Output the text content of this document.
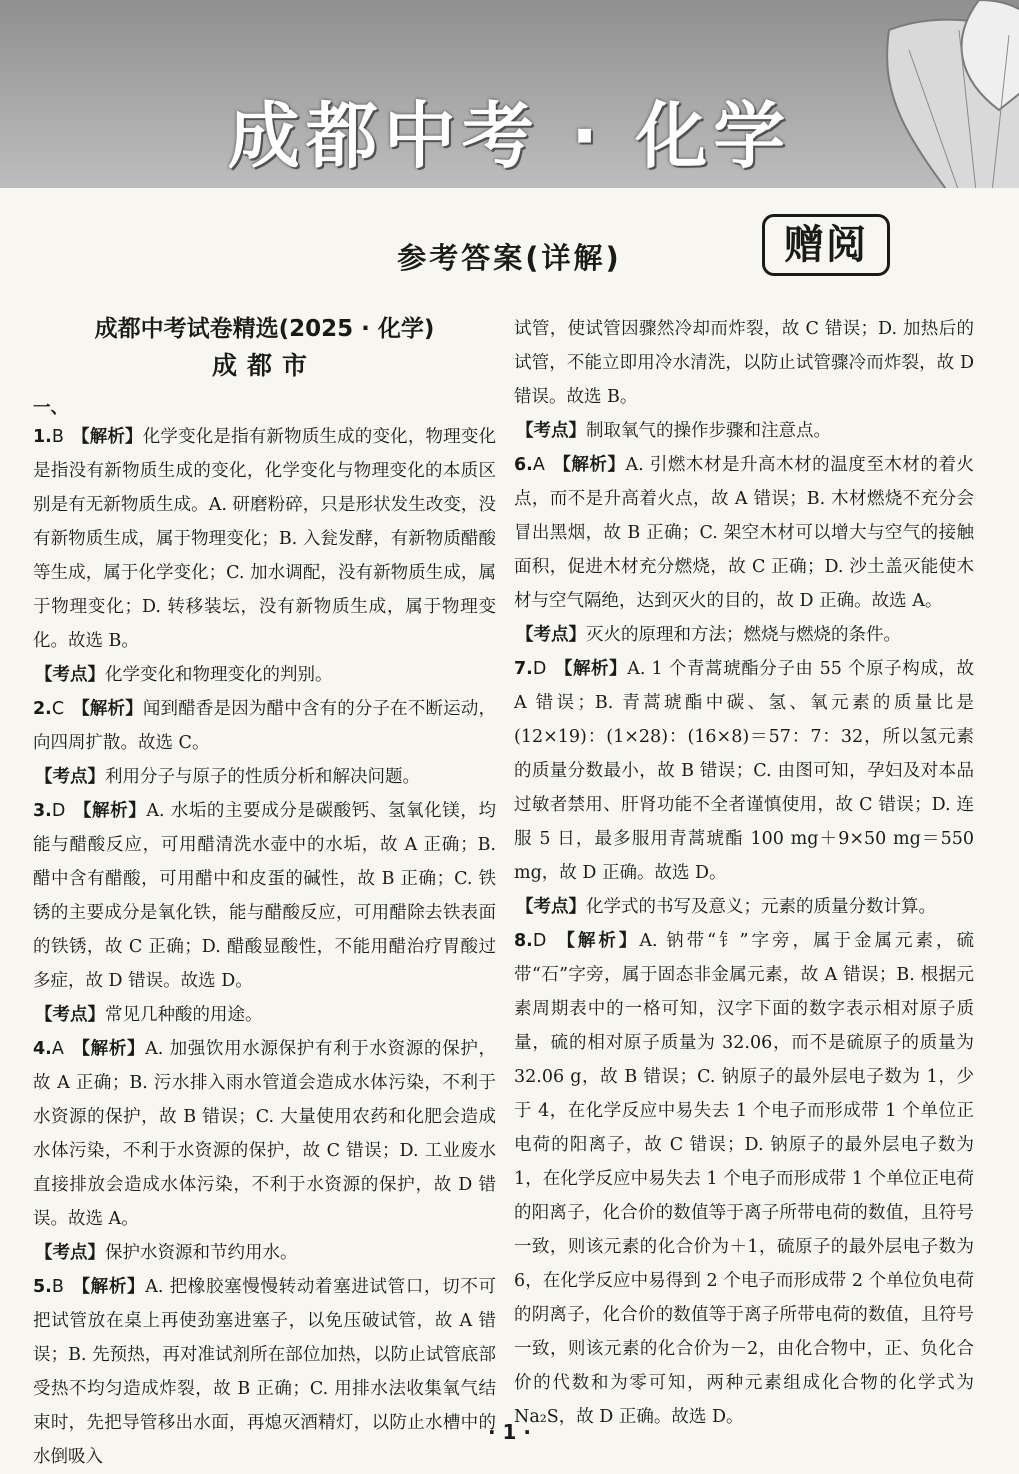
成都中考 · 化学
赠阅
参考答案(详解)

成都中考试卷精选(2025 · 化学)

成都市

一、

1.B 【解析】化学变化是指有新物质生成的变化，物理变化是指没有新物质生成的变化，化学变化与物理变化的本质区别是有无新物质生成。A. 研磨粉碎，只是形状发生改变，没有新物质生成，属于物理变化；B. 入瓮发酵，有新物质醋酸等生成，属于化学变化；C. 加水调配，没有新物质生成，属于物理变化；D. 转移装坛，没有新物质生成，属于物理变化。故选 B。

【考点】化学变化和物理变化的判别。

2.C 【解析】闻到醋香是因为醋中含有的分子在不断运动，向四周扩散。故选 C。

【考点】利用分子与原子的性质分析和解决问题。

3.D 【解析】A. 水垢的主要成分是碳酸钙、氢氧化镁，均能与醋酸反应，可用醋清洗水壶中的水垢，故 A 正确；B. 醋中含有醋酸，可用醋中和皮蛋的碱性，故 B 正确；C. 铁锈的主要成分是氧化铁，能与醋酸反应，可用醋除去铁表面的铁锈，故 C 正确；D. 醋酸显酸性，不能用醋治疗胃酸过多症，故 D 错误。故选 D。

【考点】常见几种酸的用途。

4.A 【解析】A. 加强饮用水源保护有利于水资源的保护，故 A 正确；B. 污水排入雨水管道会造成水体污染，不利于水资源的保护，故 B 错误；C. 大量使用农药和化肥会造成水体污染，不利于水资源的保护，故 C 错误；D. 工业废水直接排放会造成水体污染，不利于水资源的保护，故 D 错误。故选 A。

【考点】保护水资源和节约用水。

5.B 【解析】A. 把橡胶塞慢慢转动着塞进试管口，切不可把试管放在桌上再使劲塞进塞子，以免压破试管，故 A 错误；B. 先预热，再对准试剂所在部位加热，以防止试管底部受热不均匀造成炸裂，故 B 正确；C. 用排水法收集氧气结束时，先把导管移出水面，再熄灭酒精灯，以防止水槽中的水倒吸入

试管，使试管因骤然冷却而炸裂，故 C 错误；D. 加热后的试管，不能立即用冷水清洗，以防止试管骤冷而炸裂，故 D 错误。故选 B。

【考点】制取氧气的操作步骤和注意点。

6.A 【解析】A. 引燃木材是升高木材的温度至木材的着火点，而不是升高着火点，故 A 错误；B. 木材燃烧不充分会冒出黑烟，故 B 正确；C. 架空木材可以增大与空气的接触面积，促进木材充分燃烧，故 C 正确；D. 沙土盖灭能使木材与空气隔绝，达到灭火的目的，故 D 正确。故选 A。

【考点】灭火的原理和方法；燃烧与燃烧的条件。

7.D 【解析】A. 1 个青蒿琥酯分子由 55 个原子构成，故 A 错误；B. 青蒿琥酯中碳、氢、氧元素的质量比是 (12×19)：(1×28)：(16×8)＝57：7：32，所以氢元素的质量分数最小，故 B 错误；C. 由图可知，孕妇及对本品过敏者禁用、肝肾功能不全者谨慎使用，故 C 错误；D. 连服 5 日，最多服用青蒿琥酯 100 mg＋9×50 mg＝550 mg，故 D 正确。故选 D。

【考点】化学式的书写及意义；元素的质量分数计算。

8.D 【解析】A. 钠带“钅”字旁，属于金属元素，硫带“石”字旁，属于固态非金属元素，故 A 错误；B. 根据元素周期表中的一格可知，汉字下面的数字表示相对原子质量，硫的相对原子质量为 32.06，而不是硫原子的质量为 32.06 g，故 B 错误；C. 钠原子的最外层电子数为 1，少于 4，在化学反应中易失去 1 个电子而形成带 1 个单位正电荷的阳离子，故 C 错误；D. 钠原子的最外层电子数为 1，在化学反应中易失去 1 个电子而形成带 1 个单位正电荷的阳离子，化合价的数值等于离子所带电荷的数值，且符号一致，则该元素的化合价为＋1，硫原子的最外层电子数为 6，在化学反应中易得到 2 个电子而形成带 2 个单位负电荷的阴离子，化合价的数值等于离子所带电荷的数值，且符号一致，则该元素的化合价为－2，由化合物中，正、负化合价的代数和为零可知，两种元素组成化合物的化学式为 Na₂S，故 D 正确。故选 D。

· 1 ·
